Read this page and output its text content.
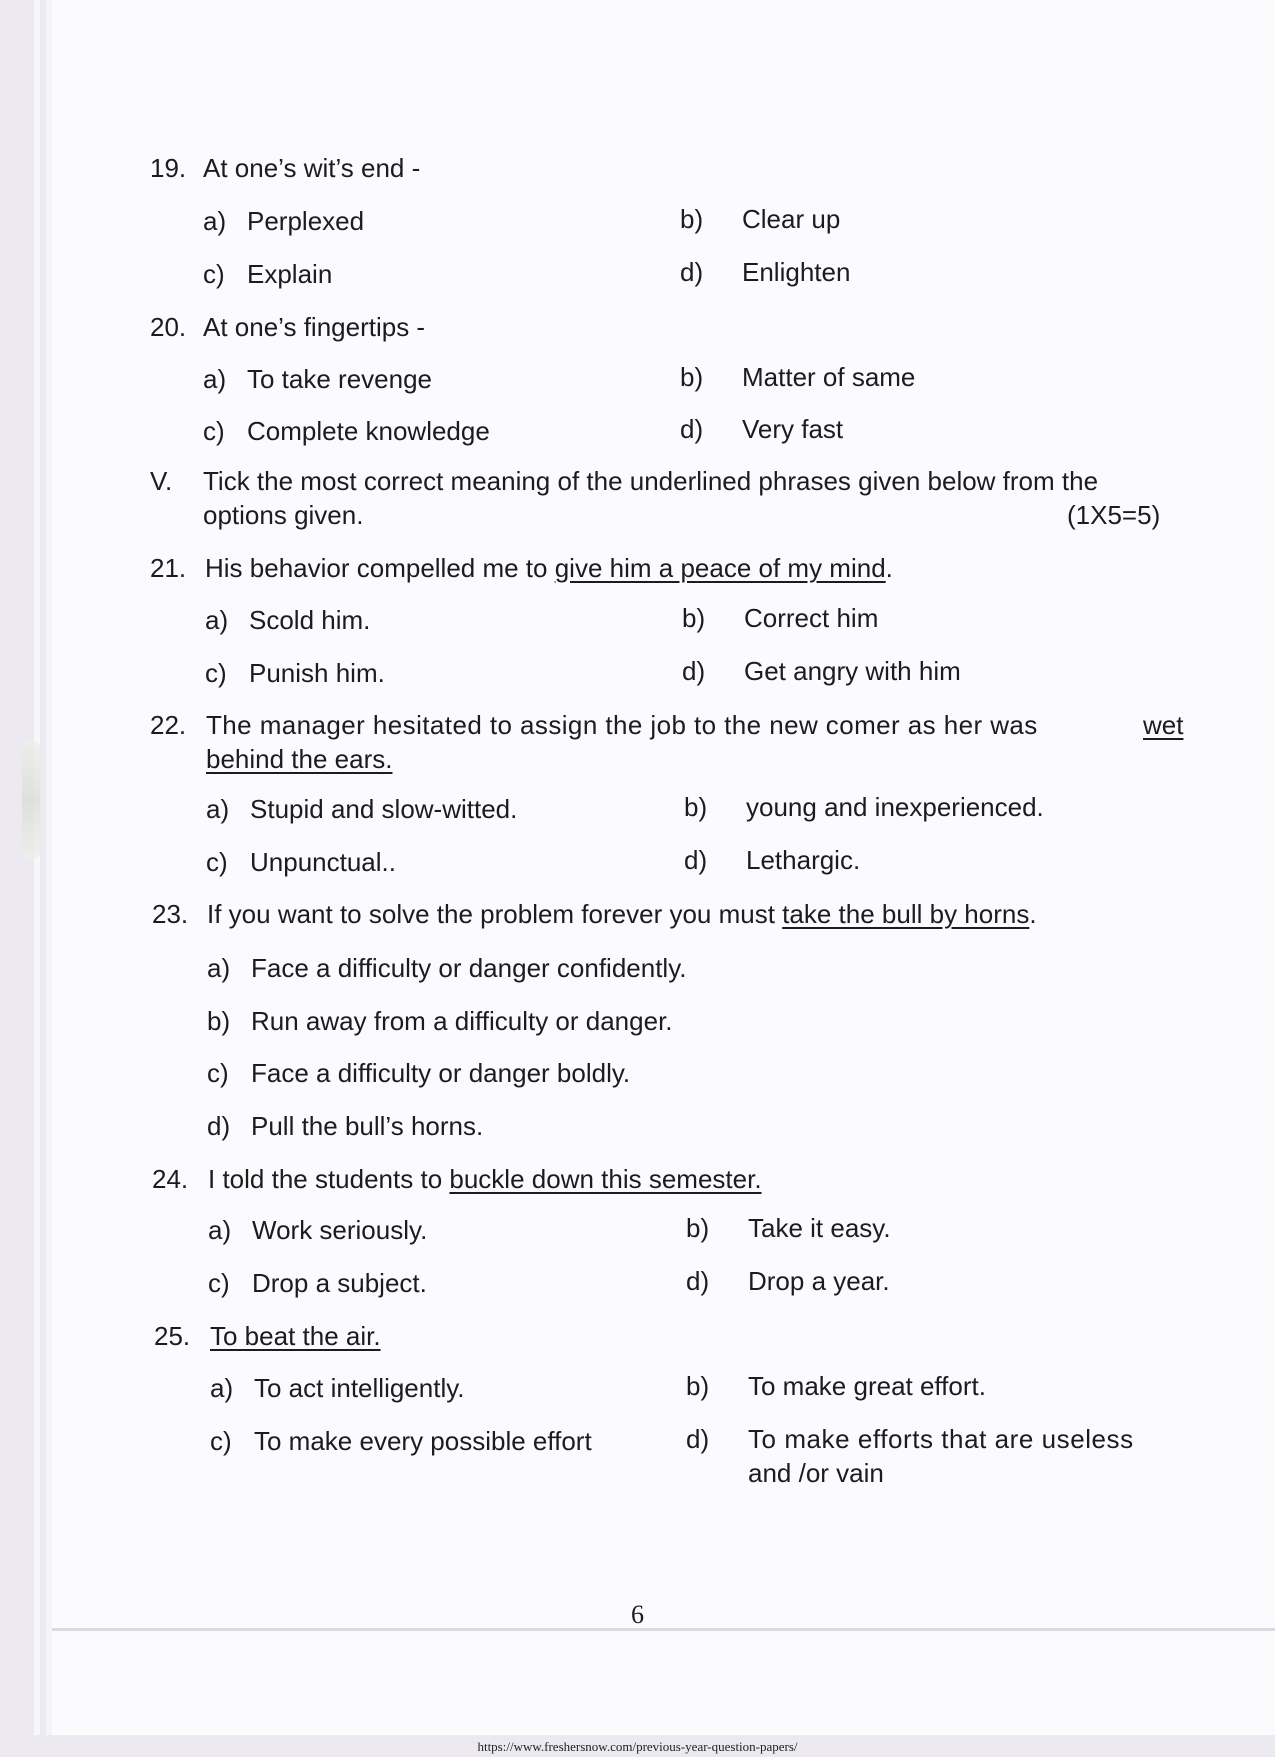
19. At one’s wit’s end -
a) Perplexed	b) Clear up
c) Explain	d) Enlighten
20. At one’s fingertips -
a) To take revenge	b) Matter of same
c) Complete knowledge	d) Very fast
V. Tick the most correct meaning of the underlined phrases given below from the
options given.	(1X5=5)
21. His behavior compelled me to give him a peace of my mind.
a) Scold him.	b) Correct him
c) Punish him.	d) Get angry with him
22. The manager hesitated to assign the job to the new comer as her was	wet
behind the ears.
a) Stupid and slow-witted.	b) young and inexperienced.
c) Unpunctual..	d) Lethargic.
23. If you want to solve the problem forever you must take the bull by horns.
a) Face a difficulty or danger confidently.
b) Run away from a difficulty or danger.
c) Face a difficulty or danger boldly.
d) Pull the bull’s horns.
24. I told the students to buckle down this semester.
a) Work seriously.	b) Take it easy.
c) Drop a subject.	d) Drop a year.
25. To beat the air.
a) To act intelligently.	b) To make great effort.
c) To make every possible effort	d) To make efforts that are useless
and /or vain
6
https://www.freshersnow.com/previous-year-question-papers/
